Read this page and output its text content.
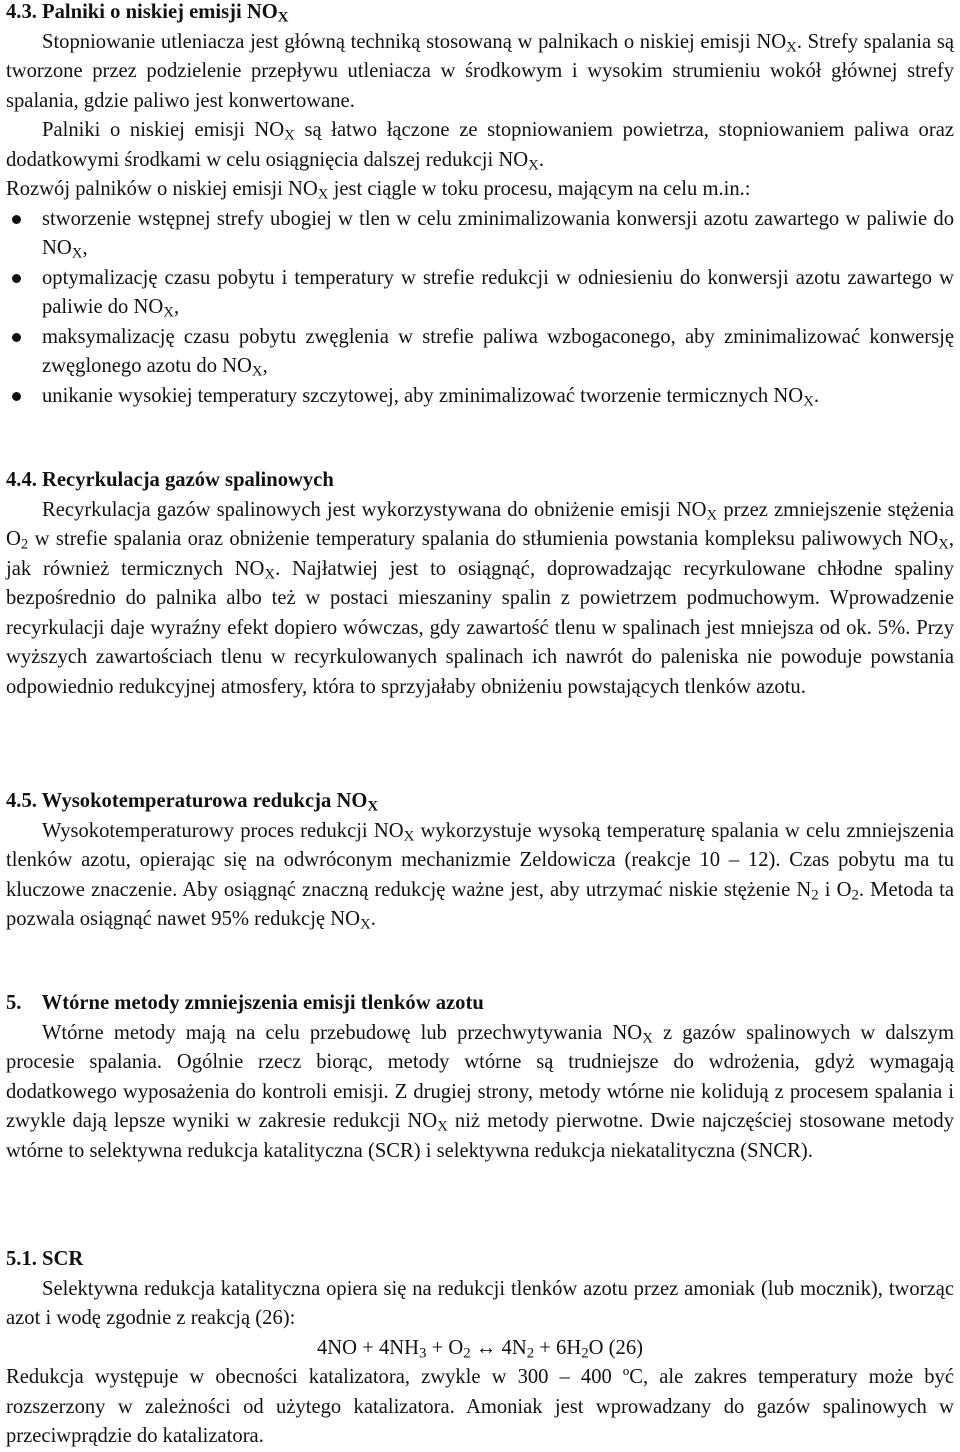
4.3. Palniki o niskiej emisji $NO_X$
Stopniowanie utleniacza jest główną techniką stosowaną w palnikach o niskiej emisji $NO_X$. Strefy spalania są tworzone przez podzielenie przepływu utleniacza w środkowym i wysokim strumieniu wokół głównej strefy spalania, gdzie paliwo jest konwertowane.
Palniki o niskiej emisji $NO_X$ są łatwo łączone ze stopniowaniem powietrza, stopniowaniem paliwa oraz dodatkowymi środkami w celu osiągnięcia dalszej redukcji $NO_X$.
Rozwój palników o niskiej emisji $NO_X$ jest ciągle w toku procesu, mającym na celu m.in.:
stworzenie wstępnej strefy ubogiej w tlen w celu zminimalizowania konwersji azotu zawartego w paliwie do $NO_X$,
optymalizację czasu pobytu i temperatury w strefie redukcji w odniesieniu do konwersji azotu zawartego w paliwie do $NO_X$,
maksymalizację czasu pobytu zwęglenia w strefie paliwa wzbogaconego, aby zminimalizować konwersję zwęglonego azotu do $NO_X$,
unikanie wysokiej temperatury szczytowej, aby zminimalizować tworzenie termicznych $NO_X$.
4.4. Recyrkulacja gazów spalinowych
Recyrkulacja gazów spalinowych jest wykorzystywana do obniżenie emisji $NO_X$ przez zmniejszenie stężenia $O_2$ w strefie spalania oraz obniżenie temperatury spalania do stłumienia powstania kompleksu paliwowych $NO_X$, jak również termicznych $NO_X$. Najłatwiej jest to osiągnąć, doprowadzając recyrkulowane chłodne spaliny bezpośrednio do palnika albo też w postaci mieszaniny spalin z powietrzem podmuchowym. Wprowadzenie recyrkulacji daje wyraźny efekt dopiero wówczas, gdy zawartość tlenu w spalinach jest mniejsza od ok. 5%. Przy wyższych zawartościach tlenu w recyrkulowanych spalinach ich nawrót do paleniska nie powoduje powstania odpowiednio redukcyjnej atmosfery, która to sprzyjałaby obniżeniu powstających tlenków azotu.
4.5. Wysokotemperaturowa redukcja $NO_X$
Wysokotemperaturowy proces redukcji $NO_X$ wykorzystuje wysoką temperaturę spalania w celu zmniejszenia tlenków azotu, opierając się na odwróconym mechanizmie Zeldowicza (reakcje 10 – 12). Czas pobytu ma tu kluczowe znaczenie. Aby osiągnąć znaczną redukcję ważne jest, aby utrzymać niskie stężenie $N_2$ i $O_2$. Metoda ta pozwala osiągnąć nawet 95% redukcję $NO_X$.
5.    Wtórne metody zmniejszenia emisji tlenków azotu
Wtórne metody mają na celu przebudowę lub przechwytywania $NO_X$ z gazów spalinowych w dalszym procesie spalania. Ogólnie rzecz biorąc, metody wtórne są trudniejsze do wdrożenia, gdyż wymagają dodatkowego wyposażenia do kontroli emisji. Z drugiej strony, metody wtórne nie kolidują z procesem spalania i zwykle dają lepsze wyniki w zakresie redukcji $NO_X$ niż metody pierwotne. Dwie najczęściej stosowane metody wtórne to selektywna redukcja katalityczna (SCR) i selektywna redukcja niekatalityczna (SNCR).
5.1. SCR
Selektywna redukcja katalityczna opiera się na redukcji tlenków azotu przez amoniak (lub mocznik), tworząc azot i wodę zgodnie z reakcją (26):
$4NO + 4NH_3 + O_2$ ↔ $4N_2 + 6H_2O$ (26)
Redukcja występuje w obecności katalizatora, zwykle w 300 – 400 ºC, ale zakres temperatury może być rozszerzony w zależności od użytego katalizatora. Amoniak jest wprowadzany do gazów spalinowych w przeciwprądzie do katalizatora.
